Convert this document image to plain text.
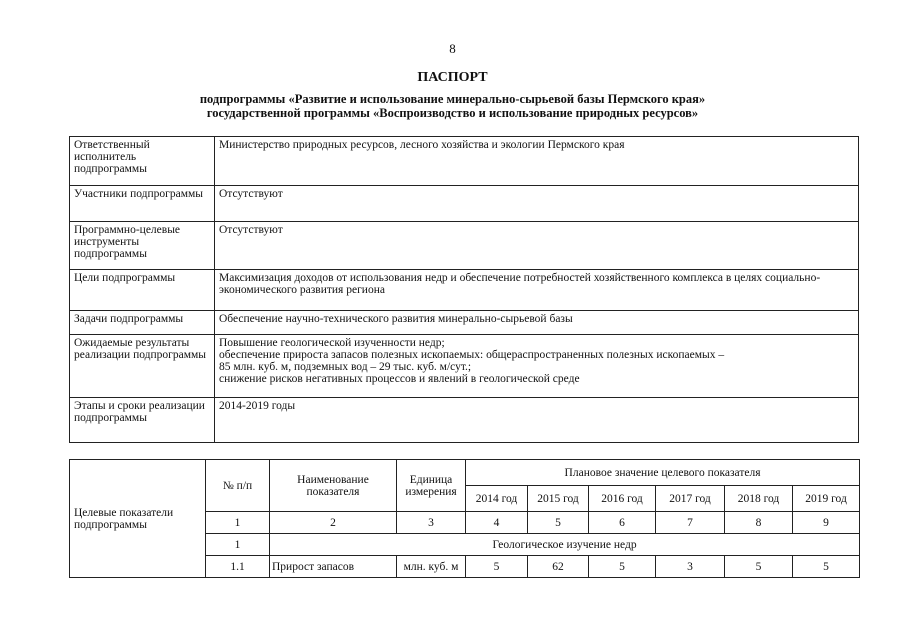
8
ПАСПОРТ
подпрограммы «Развитие и использование минерально-сырьевой базы Пермского края»
государственной программы «Воспроизводство и использование природных ресурсов»
Ответственный исполнитель подпрограммы	Министерство природных ресурсов, лесного хозяйства и экологии Пермского края

Участники подпрограммы	Отсутствуют

Программно-целевые инструменты подпрограммы	Отсутствуют

Цели подпрограммы	Максимизация доходов от использования недр и обеспечение потребностей хозяйственного комплекса в целях социально-экономического развития региона

Задачи подпрограммы	Обеспечение научно-технического развития минерально-сырьевой базы

Ожидаемые результаты реализации подпрограммы	Повышение геологической изученности недр;
обеспечение прироста запасов полезных ископаемых: общераспространенных полезных ископаемых –
85 млн. куб. м, подземных вод – 29 тыс. куб. м/сут.;
снижение рисков негативных процессов и явлений в геологической среде

Этапы и сроки реализации подпрограммы	2014-2019 годы
Целевые показатели подпрограммы	№ п/п	Наименование показателя	Единица измерения	Плановое значение целевого показателя					
				2014 год	2015 год	2016 год	2017 год	2018 год	2019 год
	1	2	3	4	5	6	7	8	9
	1	Геологическое изучение недр							
	1.1	Прирост запасов	млн. куб. м	5	62	5	3	5	5
